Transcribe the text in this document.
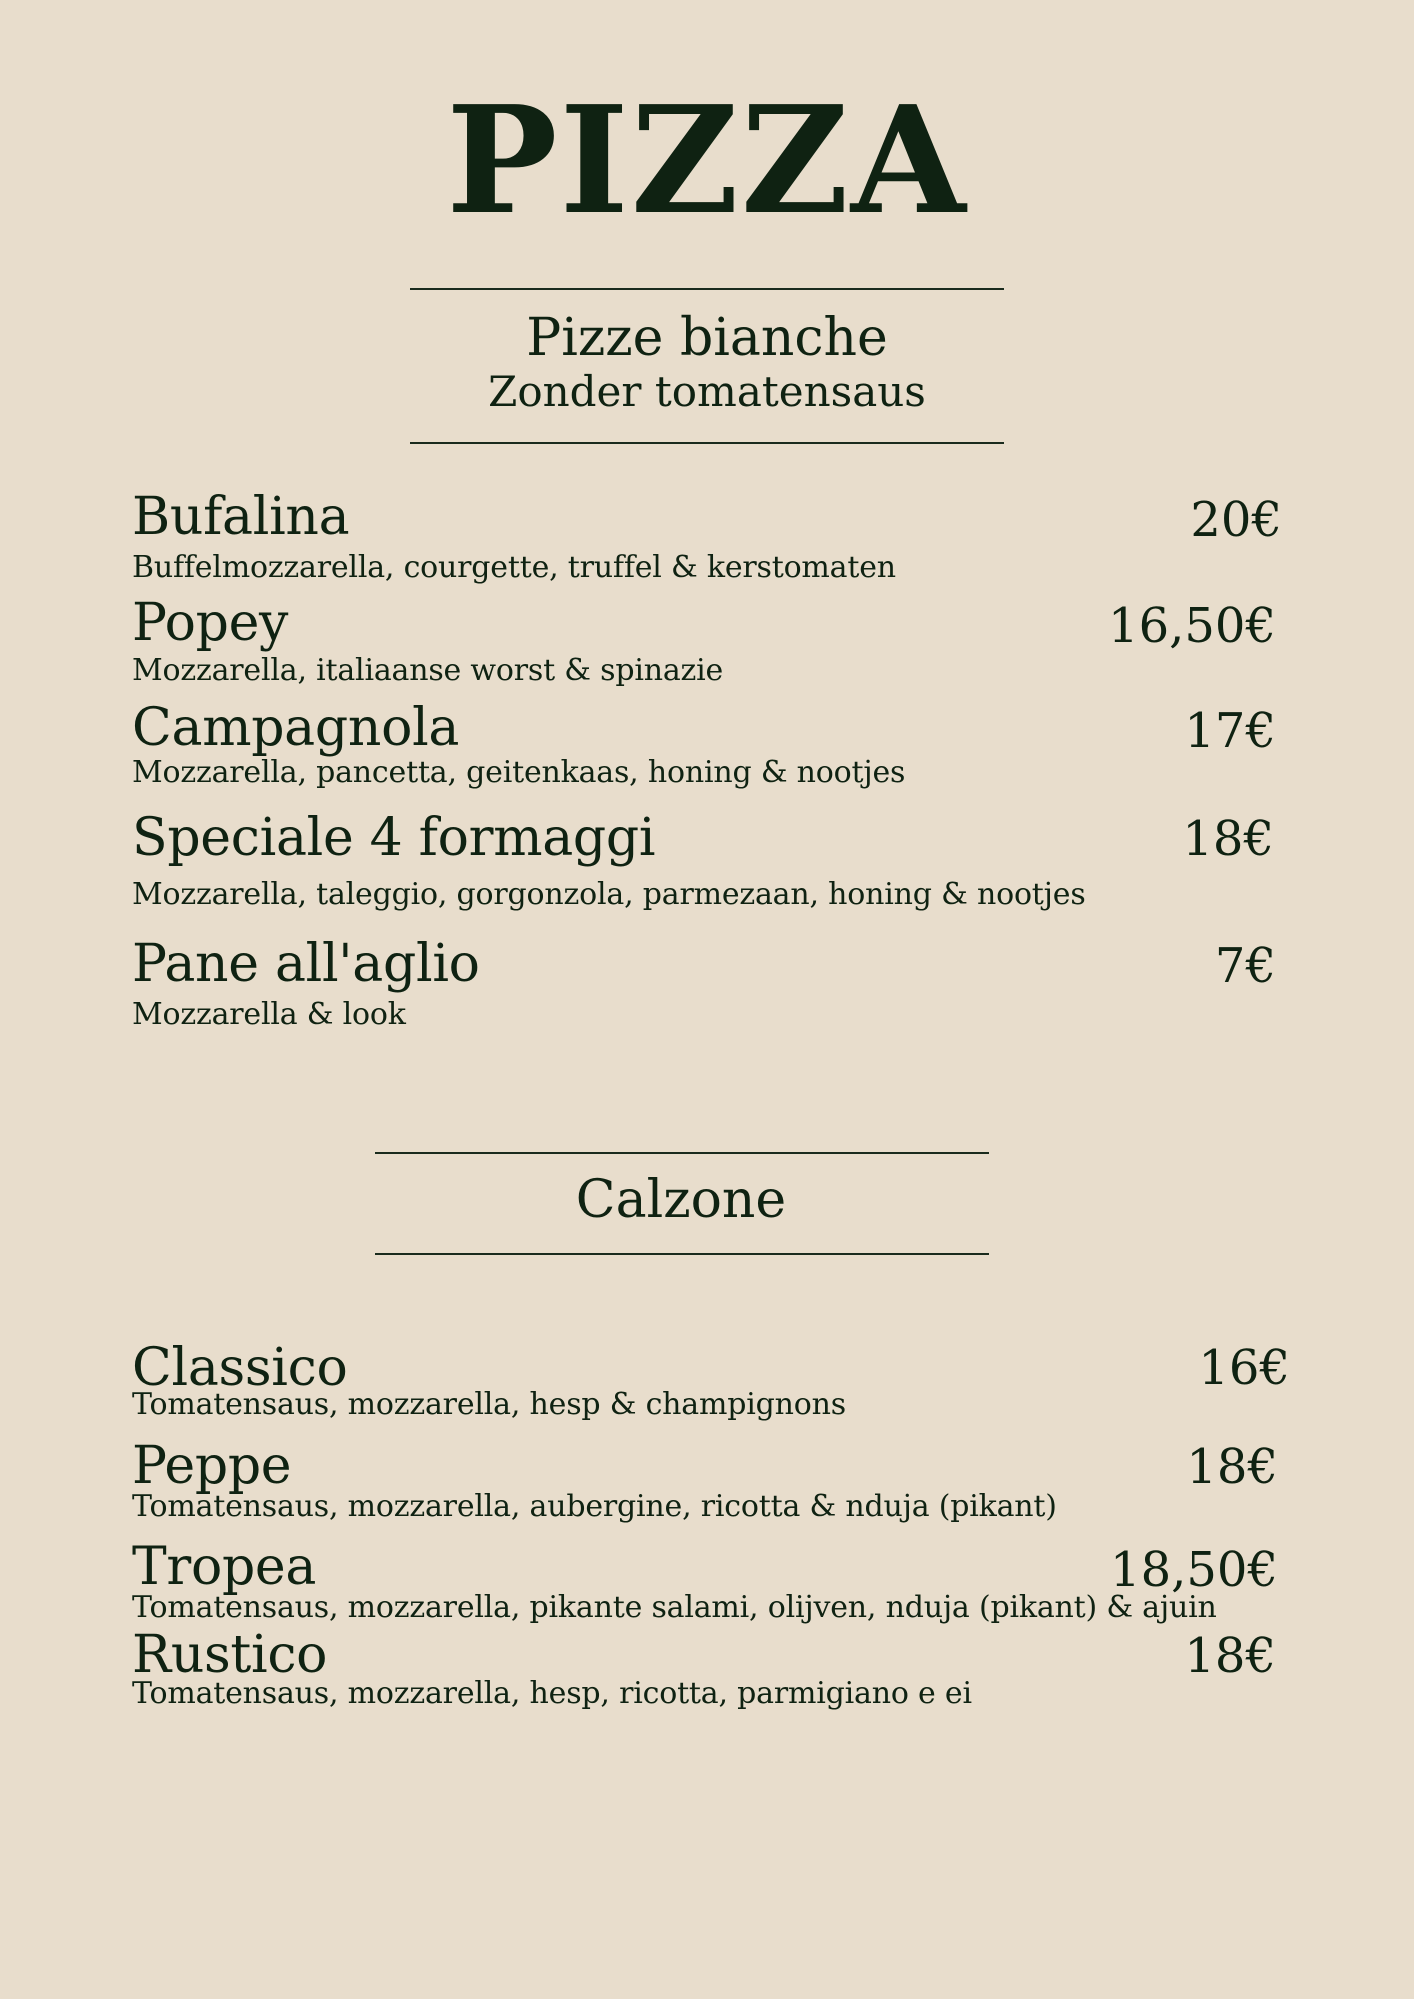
PIZZA
Pizze bianche
Zonder tomatensaus
Bufalina	20€
Buffelmozzarella, courgette, truffel & kerstomaten
Popey	16,50€
Mozzarella, italiaanse worst & spinazie
Campagnola	17€
Mozzarella, pancetta, geitenkaas, honing & nootjes
Speciale 4 formaggi	18€
Mozzarella, taleggio, gorgonzola, parmezaan, honing & nootjes
Pane all'aglio	7€
Mozzarella & look
Calzone
Classico	16€
Tomatensaus, mozzarella, hesp & champignons
Peppe	18€
Tomatensaus, mozzarella, aubergine, ricotta & nduja (pikant)
Tropea	18,50€
Tomatensaus, mozzarella, pikante salami, olijven, nduja (pikant) & ajuin
Rustico	18€
Tomatensaus, mozzarella, hesp, ricotta, parmigiano e ei
